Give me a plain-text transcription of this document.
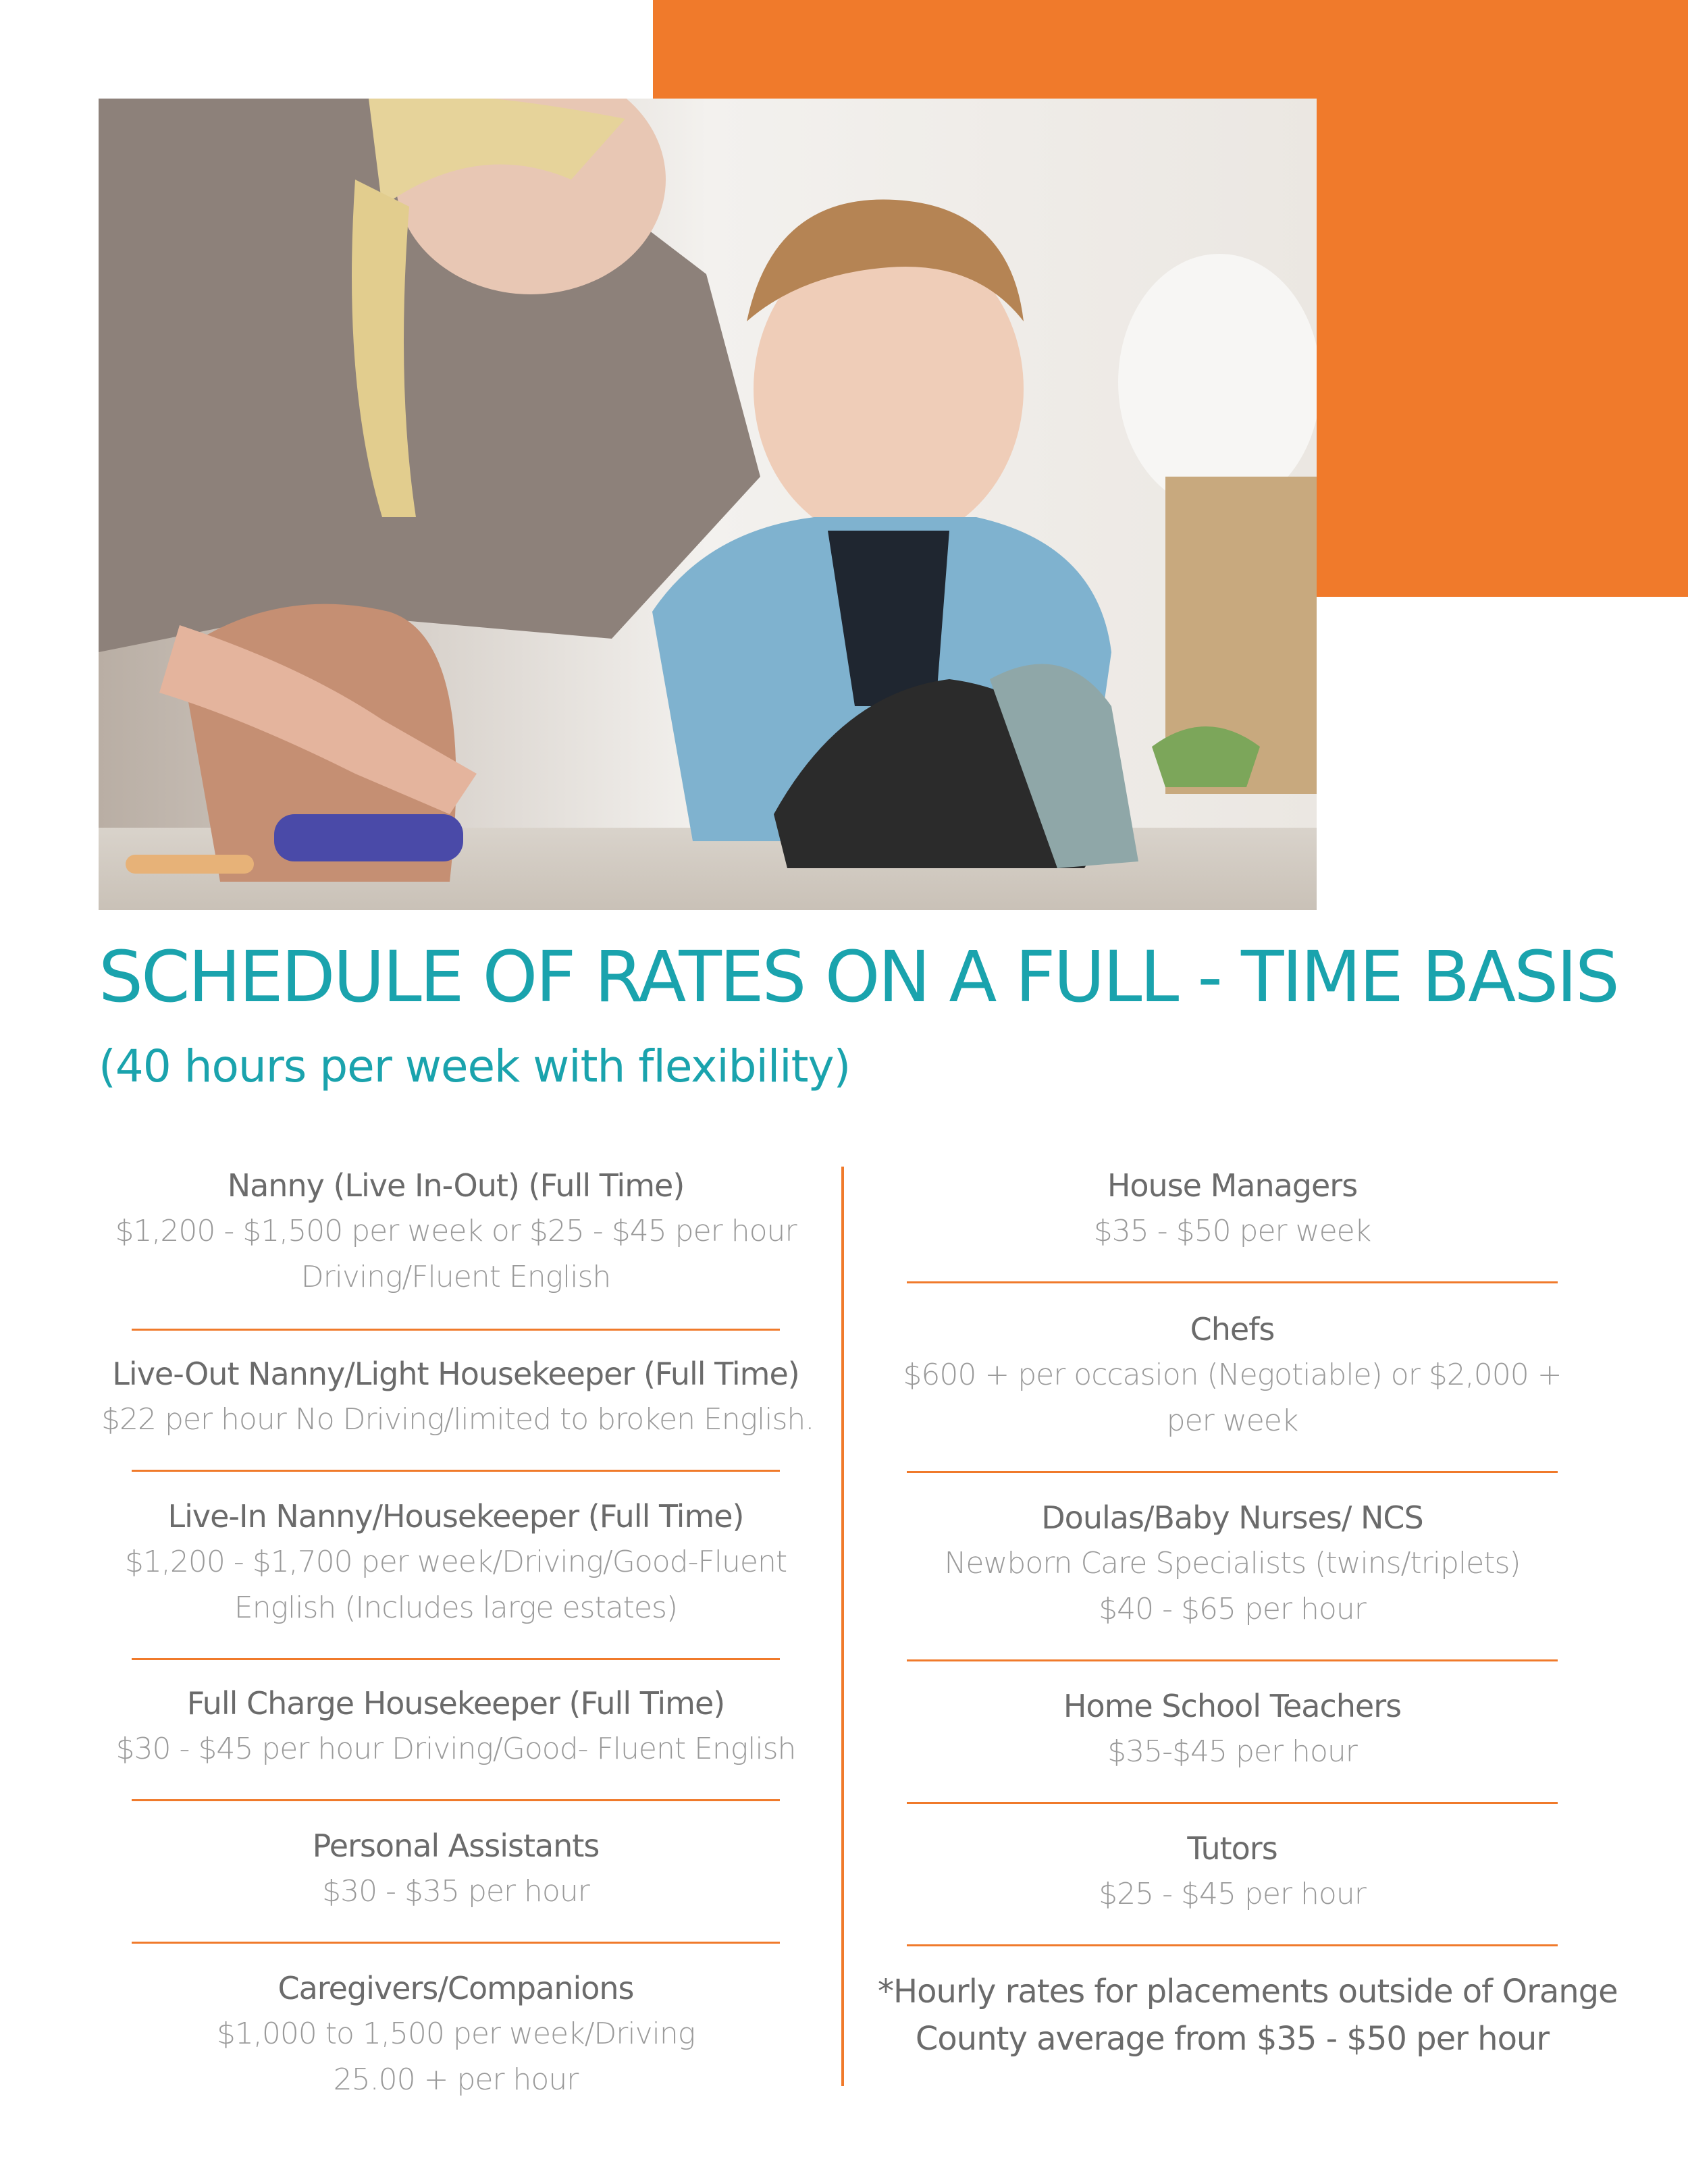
SCHEDULE OF RATES ON A FULL - TIME BASIS

(40 hours per week with flexibility)

Nanny (Live In-Out) (Full Time)
$1,200 - $1,500 per week or $25 - $45 per hour
Driving/Fluent English
Live-Out Nanny/Light Housekeeper (Full Time)
$22 per hour No Driving/limited to broken English.
Live-In Nanny/Housekeeper (Full Time)
$1,200 - $1,700 per week/Driving/Good-Fluent
English (Includes large estates)
Full Charge Housekeeper (Full Time)
$30 - $45 per hour Driving/Good- Fluent English
Personal Assistants
$30 - $35 per hour
Caregivers/Companions
$1,000 to 1,500 per week/Driving
25.00 + per hour
House Managers
$35 - $50 per week
Chefs
$600 + per occasion (Negotiable) or $2,000 +
per week
Doulas/Baby Nurses/ NCS
Newborn Care Specialists (twins/triplets)
$40 - $65 per hour
Home School Teachers
$35-$45 per hour
Tutors
$25 - $45 per hour
*Hourly rates for placements outside of Orange
County average from $35 - $50 per hour
